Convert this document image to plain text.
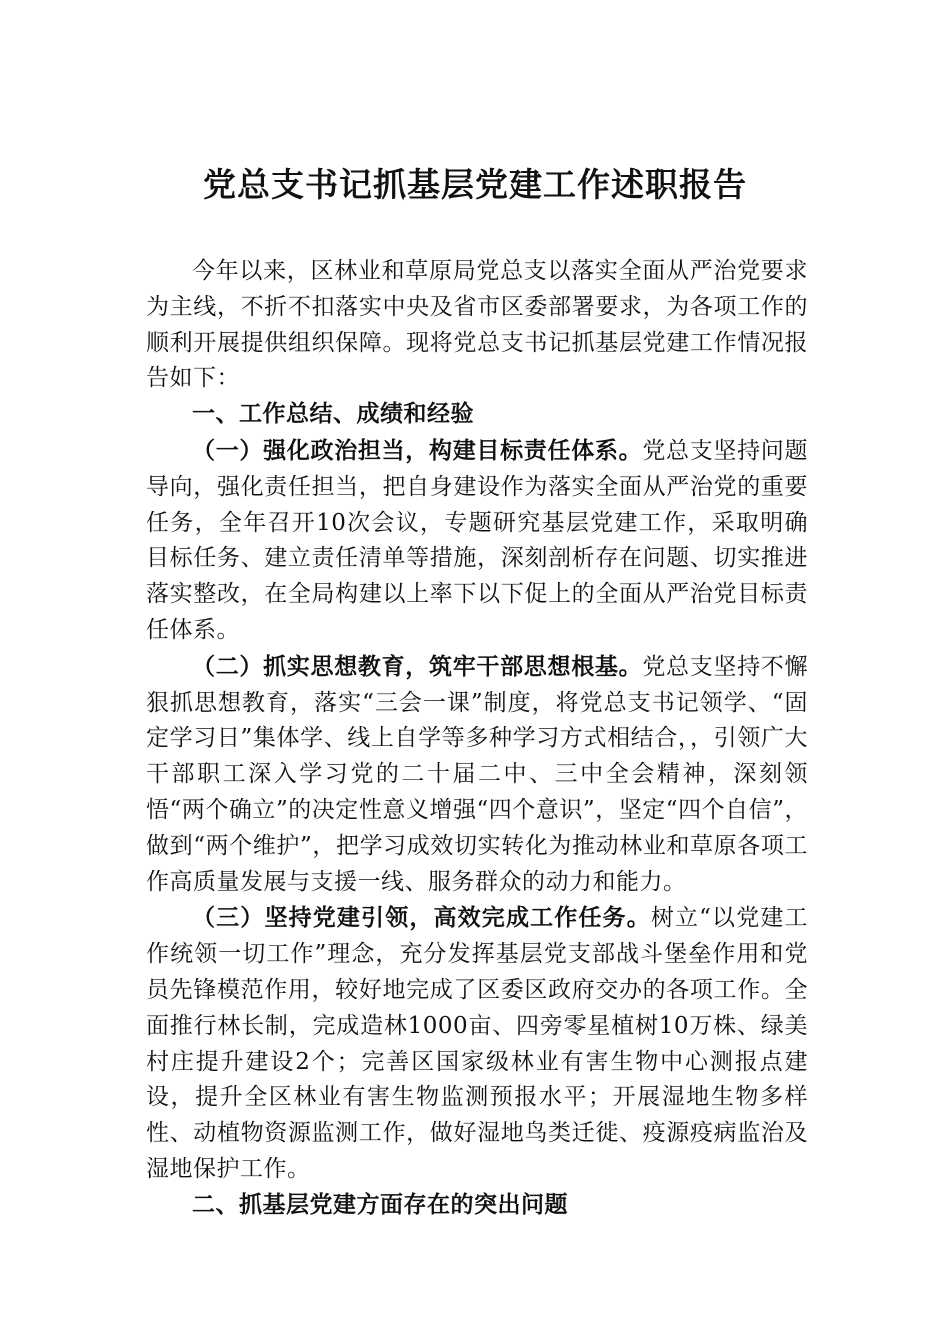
党总支书记抓基层党建工作述职报告

今年以来，区林业和草原局党总支以落实全面从严治党要求为主线，不折不扣落实中央及省市区委部署要求，为各项工作的顺利开展提供组织保障。现将党总支书记抓基层党建工作情况报告如下：

一、工作总结、成绩和经验

（一）强化政治担当，构建目标责任体系。党总支坚持问题导向，强化责任担当，把自身建设作为落实全面从严治党的重要任务，全年召开10次会议，专题研究基层党建工作，采取明确目标任务、建立责任清单等措施，深刻剖析存在问题、切实推进落实整改，在全局构建以上率下以下促上的全面从严治党目标责任体系。

（二）抓实思想教育，筑牢干部思想根基。党总支坚持不懈狠抓思想教育，落实“三会一课”制度，将党总支书记领学、“固定学习日”集体学、线上自学等多种学习方式相结合，，引领广大干部职工深入学习党的二十届二中、三中全会精神，深刻领悟“两个确立”的决定性意义增强“四个意识”，坚定“四个自信”，做到“两个维护”，把学习成效切实转化为推动林业和草原各项工作高质量发展与支援一线、服务群众的动力和能力。

（三）坚持党建引领，高效完成工作任务。树立“以党建工作统领一切工作”理念，充分发挥基层党支部战斗堡垒作用和党员先锋模范作用，较好地完成了区委区政府交办的各项工作。全面推行林长制，完成造林1000亩、四旁零星植树10万株、绿美村庄提升建设2个；完善区国家级林业有害生物中心测报点建设，提升全区林业有害生物监测预报水平；开展湿地生物多样性、动植物资源监测工作，做好湿地鸟类迁徙、疫源疫病监治及湿地保护工作。

二、抓基层党建方面存在的突出问题
